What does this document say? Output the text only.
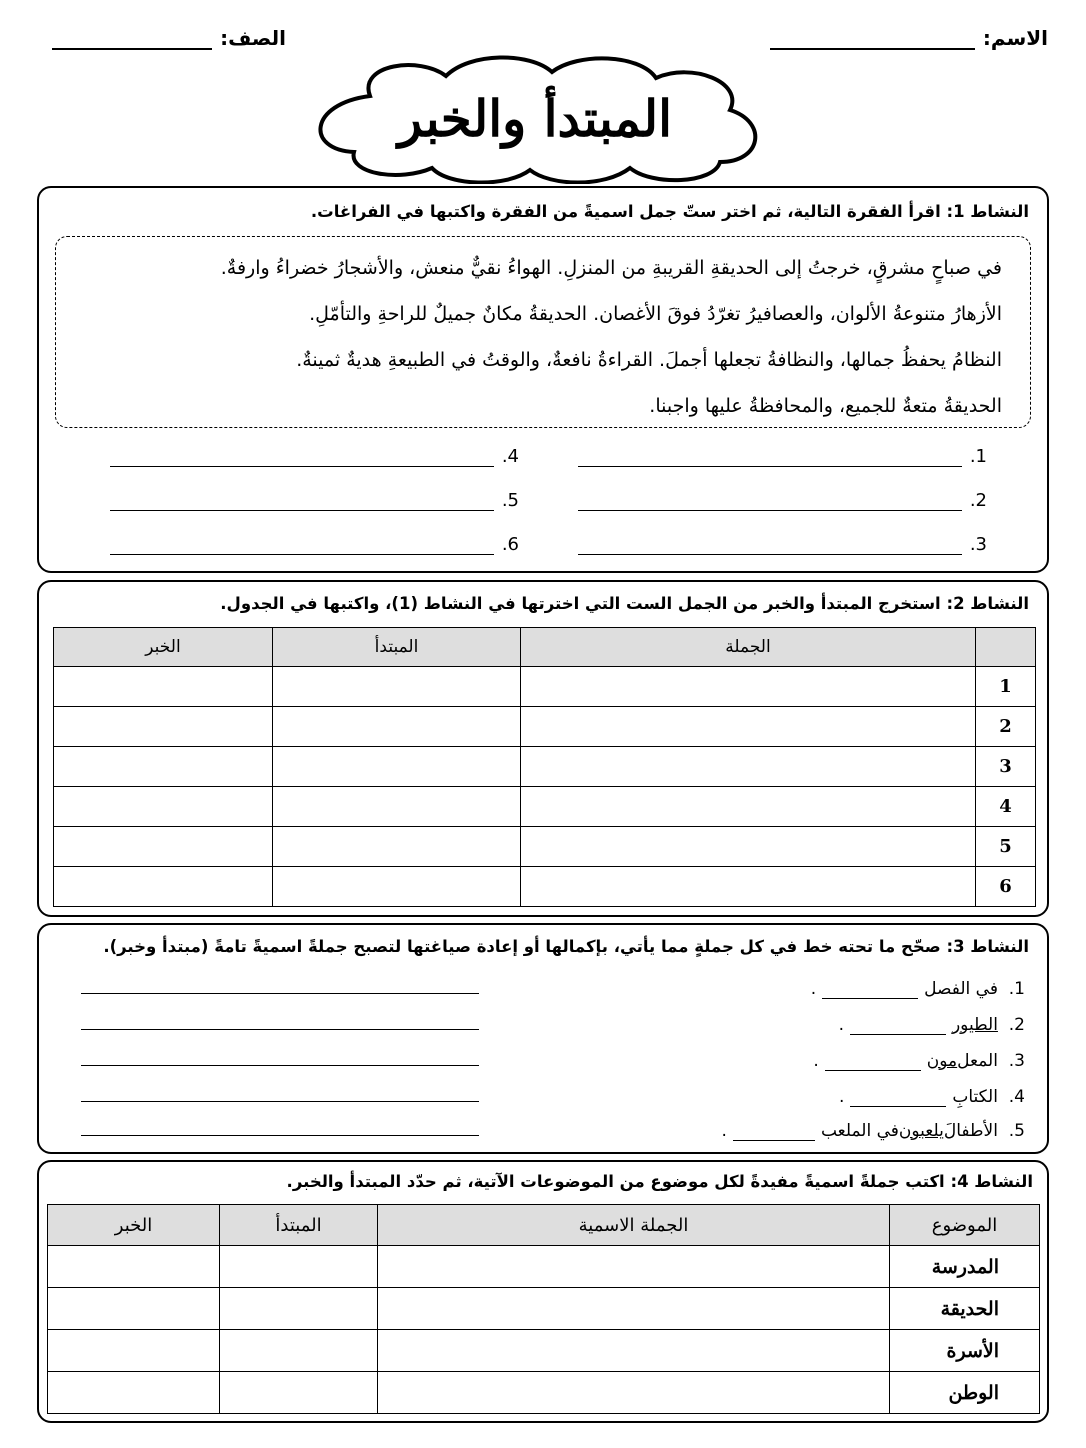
الاسم:
الصف:
المبتدأ والخبر
النشاط 1: اقرأ الفقرة التالية، ثم اختر ستّ جمل اسميةً من الفقرة واكتبها في الفراغات.
في صباحٍ مشرقٍ، خرجتُ إلى الحديقةِ القريبةِ من المنزلِ. الهواءُ نقيٌّ منعش، والأشجارُ خضراءُ وارفةٌ.
الأزهارُ متنوعةُ الألوان، والعصافيرُ تغرّدُ فوقَ الأغصان. الحديقةُ مكانٌ جميلٌ للراحةِ والتأمّلِ.
النظامُ يحفظُ جمالها، والنظافةُ تجعلها أجملَ. القراءةُ نافعةٌ، والوقتُ في الطبيعةِ هديةٌ ثمينةٌ.
الحديقةُ متعةٌ للجميع، والمحافظةُ عليها واجبنا.
1.
2.
3.
4.
5.
6.
النشاط 2: استخرج المبتدأ والخبر من الجمل الست التي اخترتها في النشاط (1)، واكتبها في الجدول.
	الجملة	المبتدأ	الخبر
1			
2			
3			
4			
5			
6			
النشاط 3: صحّح ما تحته خط في كل جملةٍ مما يأتي، بإكمالها أو إعادة صياغتها لتصبح جملةً اسميةً تامةً (مبتدأ وخبر).
1.

في الفصل
.
2.

الطيور
.
3.

المعل
مون
.
4.

الكتابِ
.
5.

الأطفالَ
يلعبون
في الملعب
.
النشاط 4: اكتب جملةً اسميةً مفيدةً لكل موضوع من الموضوعات الآتية، ثم حدّد المبتدأ والخبر.
الموضوع	الجملة الاسمية	المبتدأ	الخبر
المدرسة			
الحديقة			
الأسرة			
الوطن			
